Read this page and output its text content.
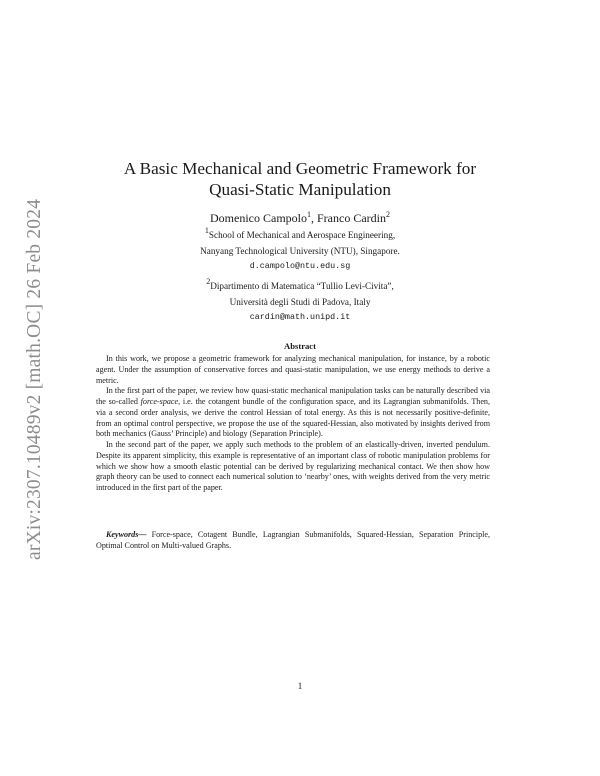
arXiv:2307.10489v2 [math.OC] 26 Feb 2024
A Basic Mechanical and Geometric Framework for
Quasi-Static Manipulation
Domenico Campolo$^1$, Franco Cardin$^2$
$^1$School of Mechanical and Aerospace Engineering,
Nanyang Technological University (NTU), Singapore.
d.campolo@ntu.edu.sg
$^2$Dipartimento di Matematica “Tullio Levi-Civita”,
Università degli Studi di Padova, Italy
cardin@math.unipd.it
Abstract

In this work, we propose a geometric framework for analyzing mechanical manipulation, for instance, by a robotic agent. Under the assumption of conservative forces and quasi-static manipulation, we use energy methods to derive a metric.

In the first part of the paper, we review how quasi-static mechanical manipulation tasks can be naturally described via the so-called force-space, i.e. the cotangent bundle of the configuration space, and its Lagrangian submanifolds. Then, via a second order analysis, we derive the control Hessian of total energy. As this is not necessarily positive-definite, from an optimal control perspective, we propose the use of the squared-Hessian, also motivated by insights derived from both mechanics (Gauss’ Principle) and biology (Separation Principle).

In the second part of the paper, we apply such methods to the problem of an elastically-driven, inverted pendulum. Despite its apparent simplicity, this example is representative of an important class of robotic manipulation problems for which we show how a smooth elastic potential can be derived by regularizing mechanical contact. We then show how graph theory can be used to connect each numerical solution to ‘nearby’ ones, with weights derived from the very metric introduced in the first part of the paper.

Keywords— Force-space, Cotagent Bundle, Lagrangian Submanifolds, Squared-Hessian, Separation Principle, Optimal Control on Multi-valued Graphs.
1
